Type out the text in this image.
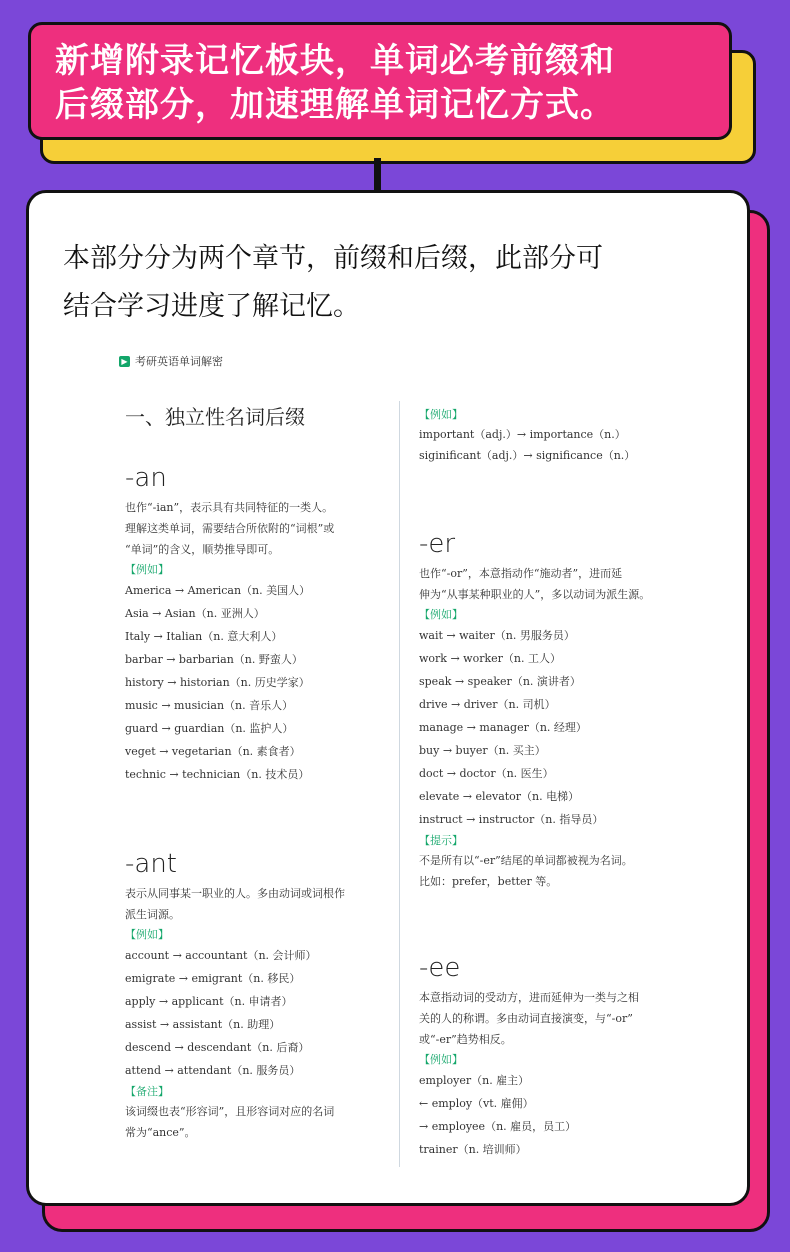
新增附录记忆板块，单词必考前缀和
后缀部分，加速理解单词记忆方式。
本部分分为两个章节，前缀和后缀，此部分可
结合学习进度了解记忆。
▶ 考研英语单词解密
一、独立性名词后缀
-an
也作“-ian”，表示具有共同特征的一类人。
理解这类单词，需要结合所依附的“词根”或
“单词”的含义，顺势推导即可。
【例如】
America → American（n. 美国人）
Asia → Asian（n. 亚洲人）
Italy → Italian（n. 意大利人）
barbar → barbarian（n. 野蛮人）
history → historian（n. 历史学家）
music → musician（n. 音乐人）
guard → guardian（n. 监护人）
veget → vegetarian（n. 素食者）
technic → technician（n. 技术员）
-ant
表示从同事某一职业的人。多由动词或词根作
派生词源。
【例如】
account → accountant（n. 会计师）
emigrate → emigrant（n. 移民）
apply → applicant（n. 申请者）
assist → assistant（n. 助理）
descend → descendant（n. 后裔）
attend → attendant（n. 服务员）
【备注】
该词缀也表“形容词”，且形容词对应的名词
常为“ance”。
【例如】
important（adj.）→ importance（n.）
siginificant（adj.）→ significance（n.）
-er
也作“-or”，本意指动作“施动者”，进而延
伸为“从事某种职业的人”，多以动词为派生源。
【例如】
wait → waiter（n. 男服务员）
work → worker（n. 工人）
speak → speaker（n. 演讲者）
drive → driver（n. 司机）
manage → manager（n. 经理）
buy → buyer（n. 买主）
doct → doctor（n. 医生）
elevate → elevator（n. 电梯）
instruct → instructor（n. 指导员）
【提示】
不是所有以“-er”结尾的单词都被视为名词。
比如：prefer，better 等。
-ee
本意指动词的受动方，进而延伸为一类与之相
关的人的称谓。多由动词直接演变，与“-or”
或“-er”趋势相反。
【例如】
employer（n. 雇主）
← employ（vt. 雇佣）
→ employee（n. 雇员，员工）
trainer（n. 培训师）
